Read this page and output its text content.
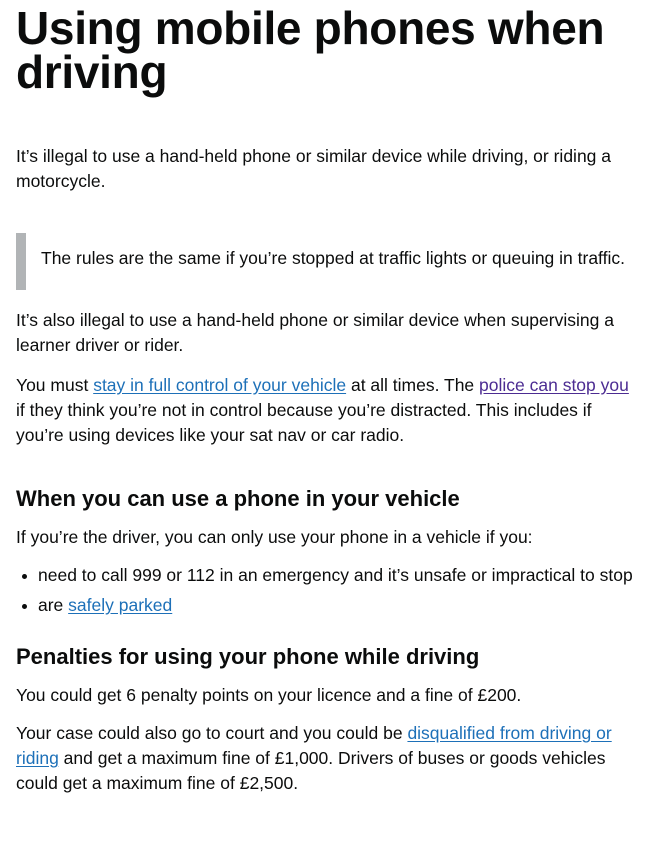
Using mobile phones when driving

It’s illegal to use a hand-held phone or similar device while driving, or riding a motorcycle.

The rules are the same if you’re stopped at traffic lights or queuing in traffic.

It’s also illegal to use a hand-held phone or similar device when supervising a learner driver or rider.

You must stay in full control of your vehicle at all times. The police can stop you if they think you’re not in control because you’re distracted. This includes if you’re using devices like your sat nav or car radio.

When you can use a phone in your vehicle

If you’re the driver, you can only use your phone in a vehicle if you:

need to call 999 or 112 in an emergency and it’s unsafe or impractical to stop
are safely parked
Penalties for using your phone while driving

You could get 6 penalty points on your licence and a fine of £200.

Your case could also go to court and you could be disqualified from driving or riding and get a maximum fine of £1,000. Drivers of buses or goods vehicles could get a maximum fine of £2,500.
